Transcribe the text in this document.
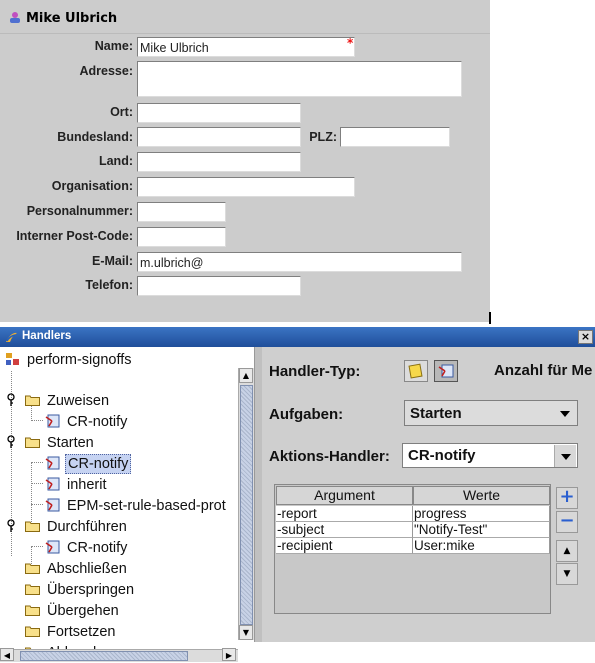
Mike Ulbrich
Name: Mike Ulbrich	*
Adresse:
Ort:
Bundesland:	PLZ:
Land:
Organisation:
Personalnummer:
Interner Post-Code:
E-Mail: m.ulbrich@
Telefon:
Handlers	×
perform-signoffs
Zuweisen
CR-notify
Starten
CR-notify
inherit
EPM-set-rule-based-prot
Durchführen
CR-notify
Abschließen
Überspringen
Übergehen
Fortsetzen
▲
▼
◀	▶
Handler-Typ:	Anzahl für Me
Aufgaben:	Starten
Aktions-Handler: CR-notify
Argument	Werte
-report	progress
-subject	"Notify-Test"
-recipient	User:mike
+
−
▲
▼
